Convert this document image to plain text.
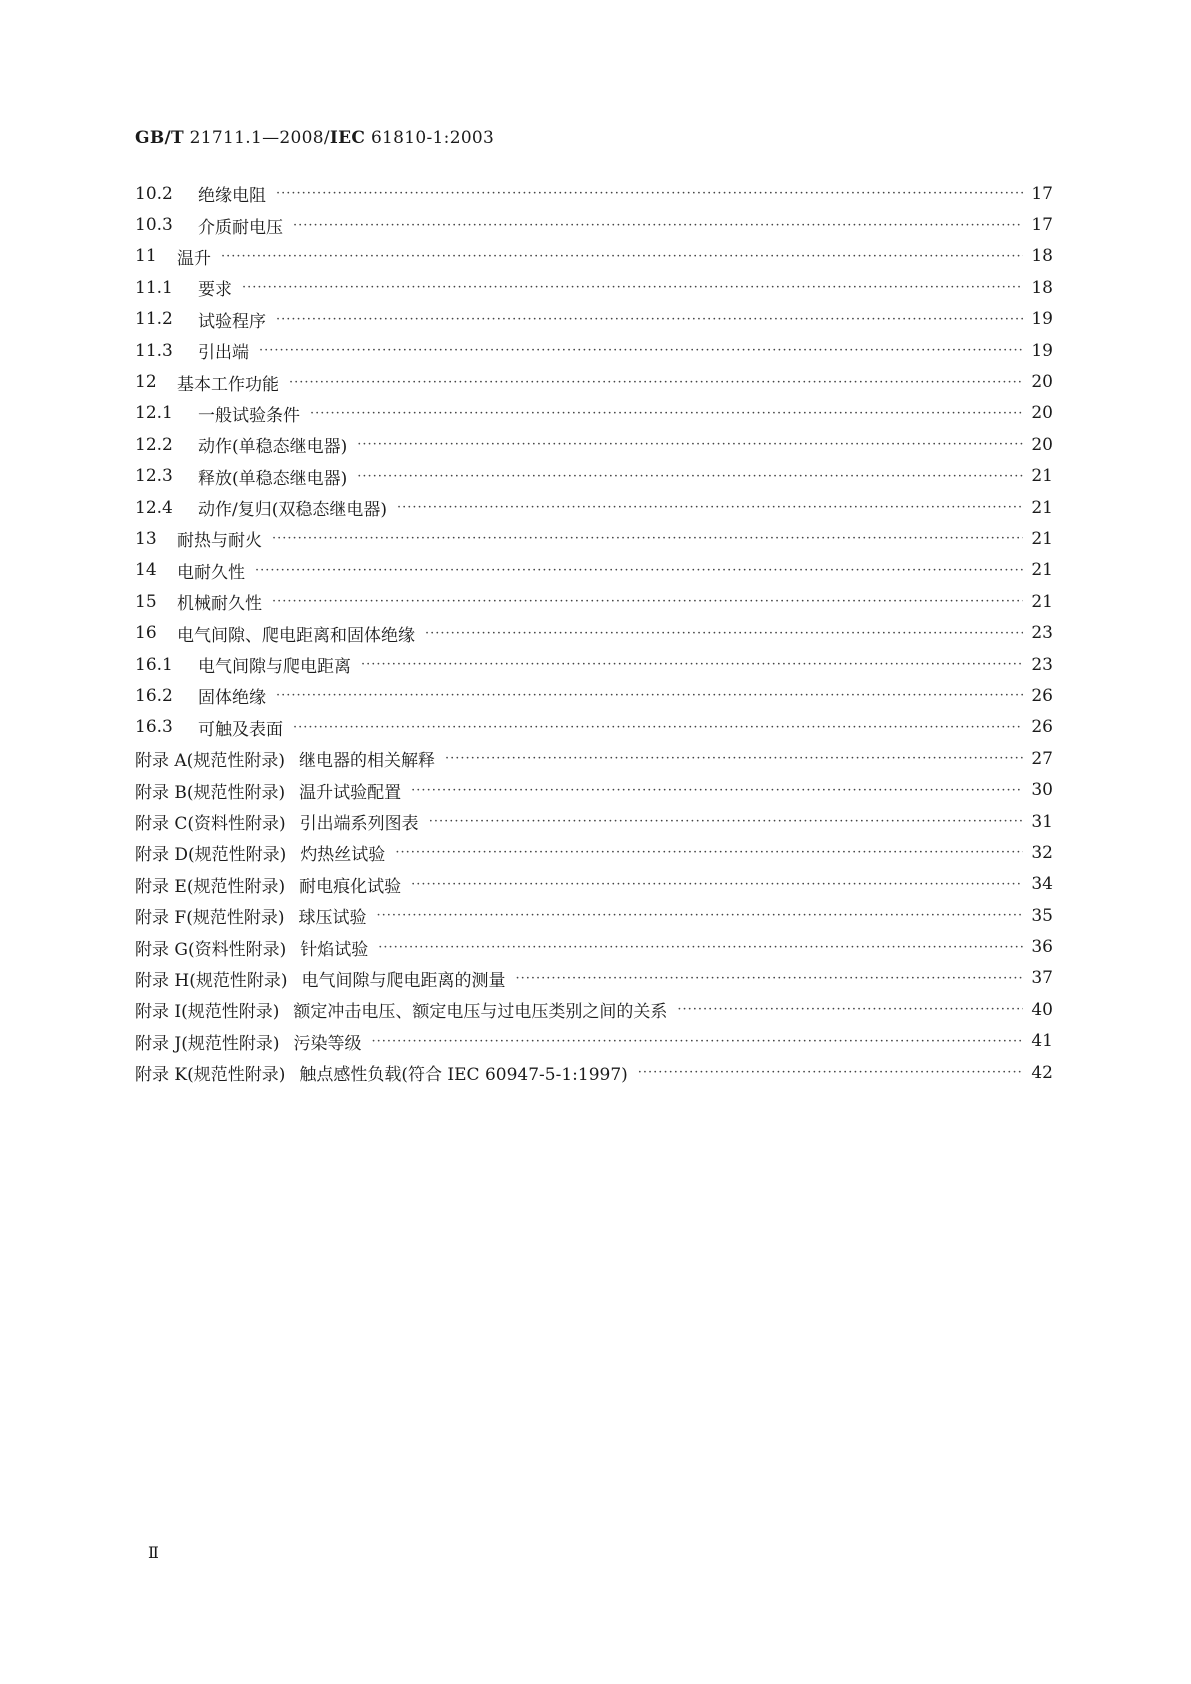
GB/T 21711.1—2008/IEC 61810-1:2003
10.2	绝缘电阻 ·····	17
10.3	介质耐电压 ·····	17
11	温升 ·····	18
11.1	要求 ·····	18
11.2	试验程序 ·····	19
11.3	引出端 ·····	19
12	基本工作功能 ·····	20
12.1	一般试验条件 ·····	20
12.2	动作(单稳态继电器) ·····	20
12.3	释放(单稳态继电器) ·····	21
12.4	动作/复归(双稳态继电器) ·····	21
13	耐热与耐火 ·····	21
14	电耐久性 ·····	21
15	机械耐久性 ·····	21
16	电气间隙、爬电距离和固体绝缘 ·····	23
16.1	电气间隙与爬电距离 ·····	23
16.2	固体绝缘 ·····	26
16.3	可触及表面 ·····	26
附录 A(规范性附录) 继电器的相关解释 ·····	27
附录 B(规范性附录) 温升试验配置 ·····	30
附录 C(资料性附录) 引出端系列图表 ·····	31
附录 D(规范性附录) 灼热丝试验 ·····	32
附录 E(规范性附录) 耐电痕化试验 ·····	34
附录 F(规范性附录) 球压试验 ·····	35
附录 G(资料性附录) 针焰试验 ·····	36
附录 H(规范性附录) 电气间隙与爬电距离的测量 ·····	37
附录 I(规范性附录) 额定冲击电压、额定电压与过电压类别之间的关系 ·····	40
附录 J(规范性附录) 污染等级 ·····	41
附录 K(规范性附录) 触点感性负载(符合 IEC 60947-5-1:1997) ·····	42
Ⅱ
